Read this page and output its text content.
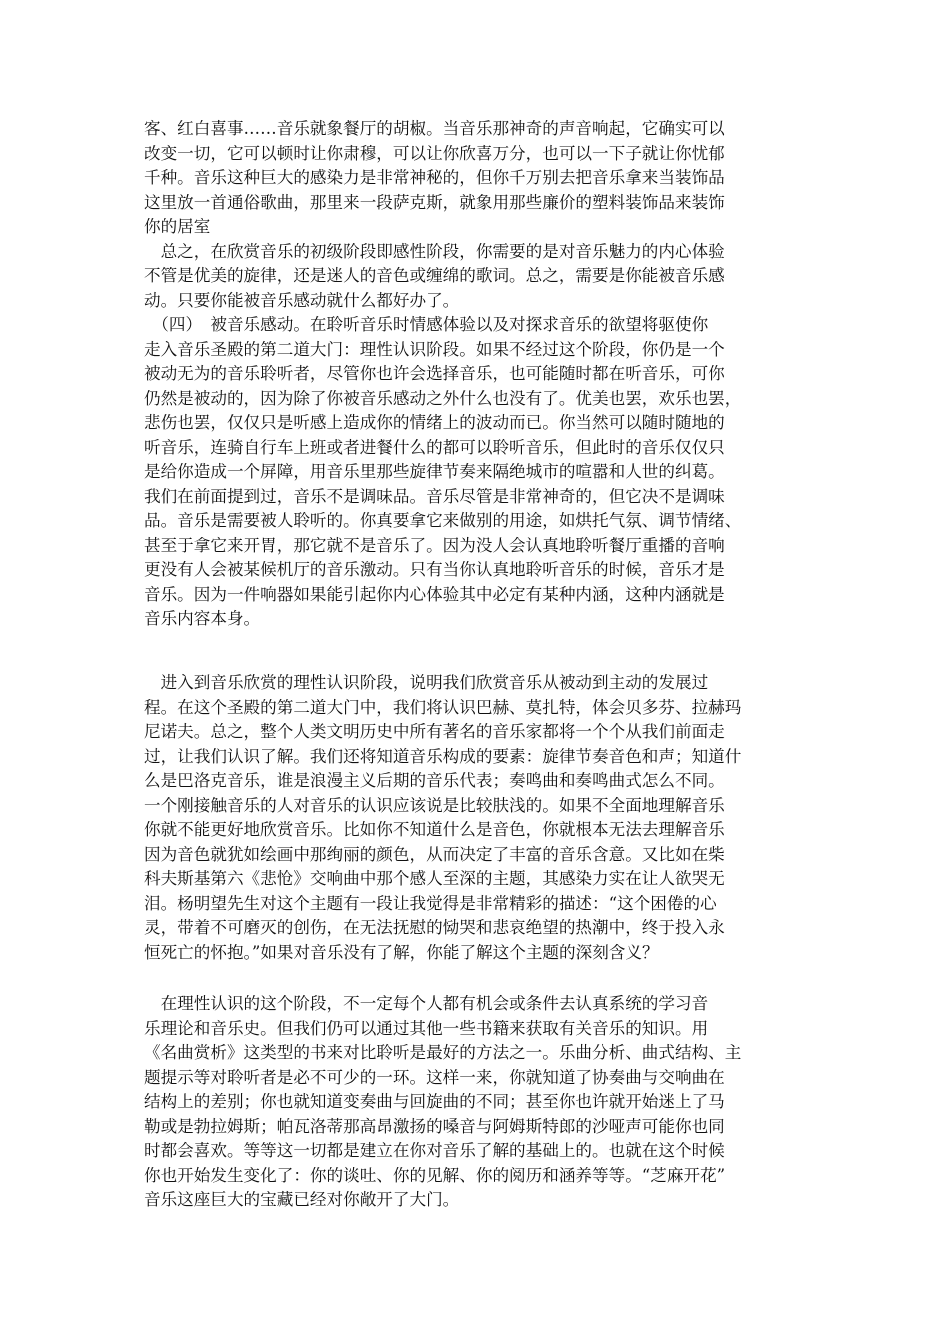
客、红白喜事……音乐就象餐厅的胡椒。当音乐那神奇的声音响起，它确实可以
改变一切，它可以顿时让你肃穆，可以让你欣喜万分，也可以一下子就让你忧郁
千种。音乐这种巨大的感染力是非常神秘的，但你千万别去把音乐拿来当装饰品
这里放一首通俗歌曲，那里来一段萨克斯，就象用那些廉价的塑料装饰品来装饰
你的居室
　总之，在欣赏音乐的初级阶段即感性阶段，你需要的是对音乐魅力的内心体验
不管是优美的旋律，还是迷人的音色或缠绵的歌词。总之，需要是你能被音乐感
动。只要你能被音乐感动就什么都好办了。
　（四）　被音乐感动。在聆听音乐时情感体验以及对探求音乐的欲望将驱使你
走入音乐圣殿的第二道大门：理性认识阶段。如果不经过这个阶段，你仍是一个
被动无为的音乐聆听者，尽管你也许会选择音乐，也可能随时都在听音乐，可你
仍然是被动的，因为除了你被音乐感动之外什么也没有了。优美也罢，欢乐也罢，
悲伤也罢，仅仅只是听感上造成你的情绪上的波动而已。你当然可以随时随地的
听音乐，连骑自行车上班或者进餐什么的都可以聆听音乐，但此时的音乐仅仅只
是给你造成一个屏障，用音乐里那些旋律节奏来隔绝城市的喧嚣和人世的纠葛。
我们在前面提到过，音乐不是调味品。音乐尽管是非常神奇的，但它决不是调味
品。音乐是需要被人聆听的。你真要拿它来做别的用途，如烘托气氛、调节情绪、
甚至于拿它来开胃，那它就不是音乐了。因为没人会认真地聆听餐厅重播的音响
更没有人会被某候机厅的音乐激动。只有当你认真地聆听音乐的时候，音乐才是
音乐。因为一件响器如果能引起你内心体验其中必定有某种内涵，这种内涵就是
音乐内容本身。
　进入到音乐欣赏的理性认识阶段，说明我们欣赏音乐从被动到主动的发展过
程。在这个圣殿的第二道大门中，我们将认识巴赫、莫扎特，体会贝多芬、拉赫玛
尼诺夫。总之，整个人类文明历史中所有著名的音乐家都将一个个从我们前面走
过，让我们认识了解。我们还将知道音乐构成的要素：旋律节奏音色和声；知道什
么是巴洛克音乐，谁是浪漫主义后期的音乐代表；奏鸣曲和奏鸣曲式怎么不同。
一个刚接触音乐的人对音乐的认识应该说是比较肤浅的。如果不全面地理解音乐
你就不能更好地欣赏音乐。比如你不知道什么是音色，你就根本无法去理解音乐
因为音色就犹如绘画中那绚丽的颜色，从而决定了丰富的音乐含意。又比如在柴
科夫斯基第六《悲怆》交响曲中那个感人至深的主题，其感染力实在让人欲哭无
泪。杨明望先生对这个主题有一段让我觉得是非常精彩的描述：“这个困倦的心
灵，带着不可磨灭的创伤，在无法抚慰的恸哭和悲哀绝望的热潮中，终于投入永
恒死亡的怀抱。”如果对音乐没有了解，你能了解这个主题的深刻含义？
　在理性认识的这个阶段，不一定每个人都有机会或条件去认真系统的学习音
乐理论和音乐史。但我们仍可以通过其他一些书籍来获取有关音乐的知识。用
《名曲赏析》这类型的书来对比聆听是最好的方法之一。乐曲分析、曲式结构、主
题提示等对聆听者是必不可少的一环。这样一来，你就知道了协奏曲与交响曲在
结构上的差别；你也就知道变奏曲与回旋曲的不同；甚至你也许就开始迷上了马
勒或是勃拉姆斯；帕瓦洛蒂那高昂激扬的嗓音与阿姆斯特郎的沙哑声可能你也同
时都会喜欢。等等这一切都是建立在你对音乐了解的基础上的。也就在这个时候
你也开始发生变化了：你的谈吐、你的见解、你的阅历和涵养等等。“芝麻开花”
音乐这座巨大的宝藏已经对你敞开了大门。
